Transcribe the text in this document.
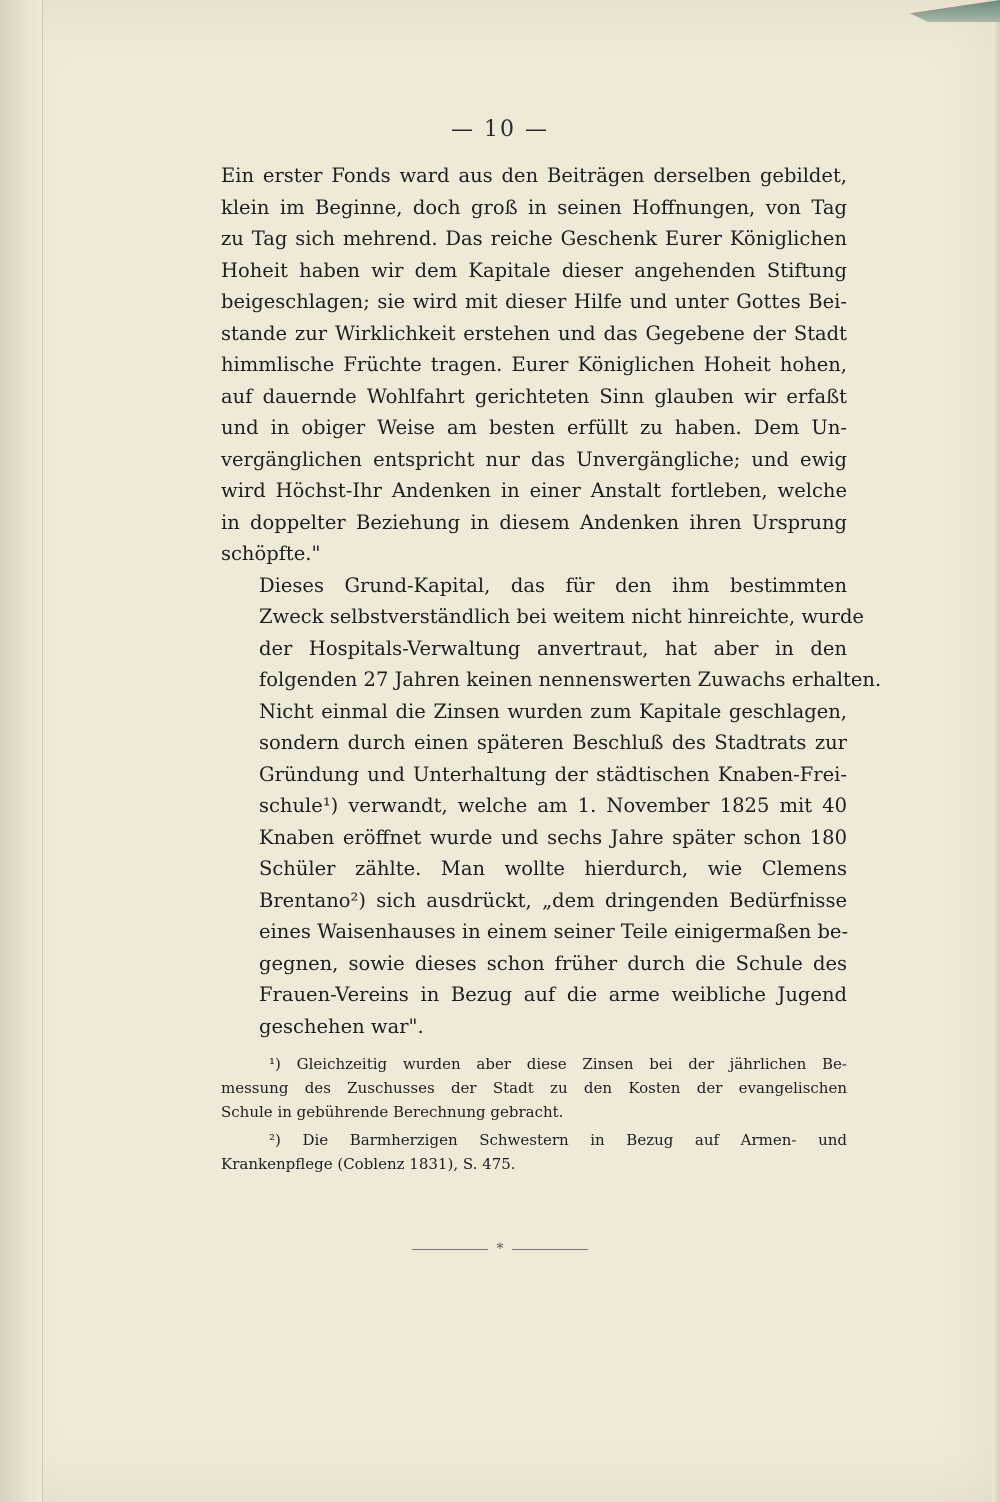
— 10 —

Ein erster Fonds ward aus den Beiträgen derselben gebildet,
klein im Beginne, doch groß in seinen Hoffnungen, von Tag
zu Tag sich mehrend. Das reiche Geschenk Eurer Königlichen
Hoheit haben wir dem Kapitale dieser angehenden Stiftung
beigeschlagen; sie wird mit dieser Hilfe und unter Gottes Bei-
stande zur Wirklichkeit erstehen und das Gegebene der Stadt
himmlische Früchte tragen. Eurer Königlichen Hoheit hohen,
auf dauernde Wohlfahrt gerichteten Sinn glauben wir erfaßt
und in obiger Weise am besten erfüllt zu haben. Dem Un-
vergänglichen entspricht nur das Unvergängliche; und ewig
wird Höchst-Ihr Andenken in einer Anstalt fortleben, welche
in doppelter Beziehung in diesem Andenken ihren Ursprung
schöpfte."

Dieses Grund-Kapital, das für den ihm bestimmten
Zweck selbstverständlich bei weitem nicht hinreichte, wurde
der Hospitals-Verwaltung anvertraut, hat aber in den
folgenden 27 Jahren keinen nennenswerten Zuwachs erhalten.
Nicht einmal die Zinsen wurden zum Kapitale geschlagen,
sondern durch einen späteren Beschluß des Stadtrats zur
Gründung und Unterhaltung der städtischen Knaben-Frei-
schule¹) verwandt, welche am 1. November 1825 mit 40
Knaben eröffnet wurde und sechs Jahre später schon 180
Schüler zählte. Man wollte hierdurch, wie Clemens
Brentano²) sich ausdrückt, „dem dringenden Bedürfnisse
eines Waisenhauses in einem seiner Teile einigermaßen be-
gegnen, sowie dieses schon früher durch die Schule des
Frauen-Vereins in Bezug auf die arme weibliche Jugend
geschehen war".

¹) Gleichzeitig wurden aber diese Zinsen bei der jährlichen Be-
messung des Zuschusses der Stadt zu den Kosten der evangelischen
Schule in gebührende Berechnung gebracht.
²) Die Barmherzigen Schwestern in Bezug auf Armen- und
Krankenpflege (Coblenz 1831), S. 475.
*
